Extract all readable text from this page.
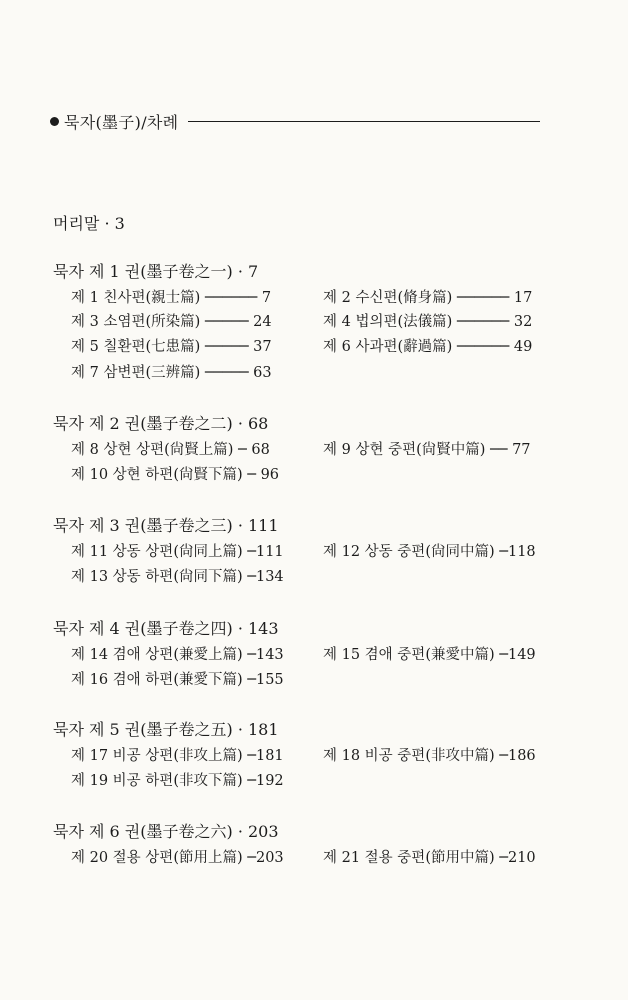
묵자(墨子)/차례
머리말 · 3
묵자 제 1 권(墨子卷之一) · 7
제 1 친사편(親士篇) ────── 7	제 2 수신편(脩身篇) ────── 17
제 3 소염편(所染篇) ───── 24	제 4 법의편(法儀篇) ────── 32
제 5 칠환편(七患篇) ───── 37	제 6 사과편(辭過篇) ────── 49
제 7 삼변편(三辨篇) ───── 63
묵자 제 2 권(墨子卷之二) · 68
제 8 상현 상편(尙賢上篇) ─ 68	제 9 상현 중편(尙賢中篇) ── 77
제 10 상현 하편(尙賢下篇) ─ 96
묵자 제 3 권(墨子卷之三) · 111
제 11 상동 상편(尙同上篇) ─111	제 12 상동 중편(尙同中篇) ─118
제 13 상동 하편(尙同下篇) ─134
묵자 제 4 권(墨子卷之四) · 143
제 14 겸애 상편(兼愛上篇) ─143	제 15 겸애 중편(兼愛中篇) ─149
제 16 겸애 하편(兼愛下篇) ─155
묵자 제 5 권(墨子卷之五) · 181
제 17 비공 상편(非攻上篇) ─181	제 18 비공 중편(非攻中篇) ─186
제 19 비공 하편(非攻下篇) ─192
묵자 제 6 권(墨子卷之六) · 203
제 20 절용 상편(節用上篇) ─203	제 21 절용 중편(節用中篇) ─210
